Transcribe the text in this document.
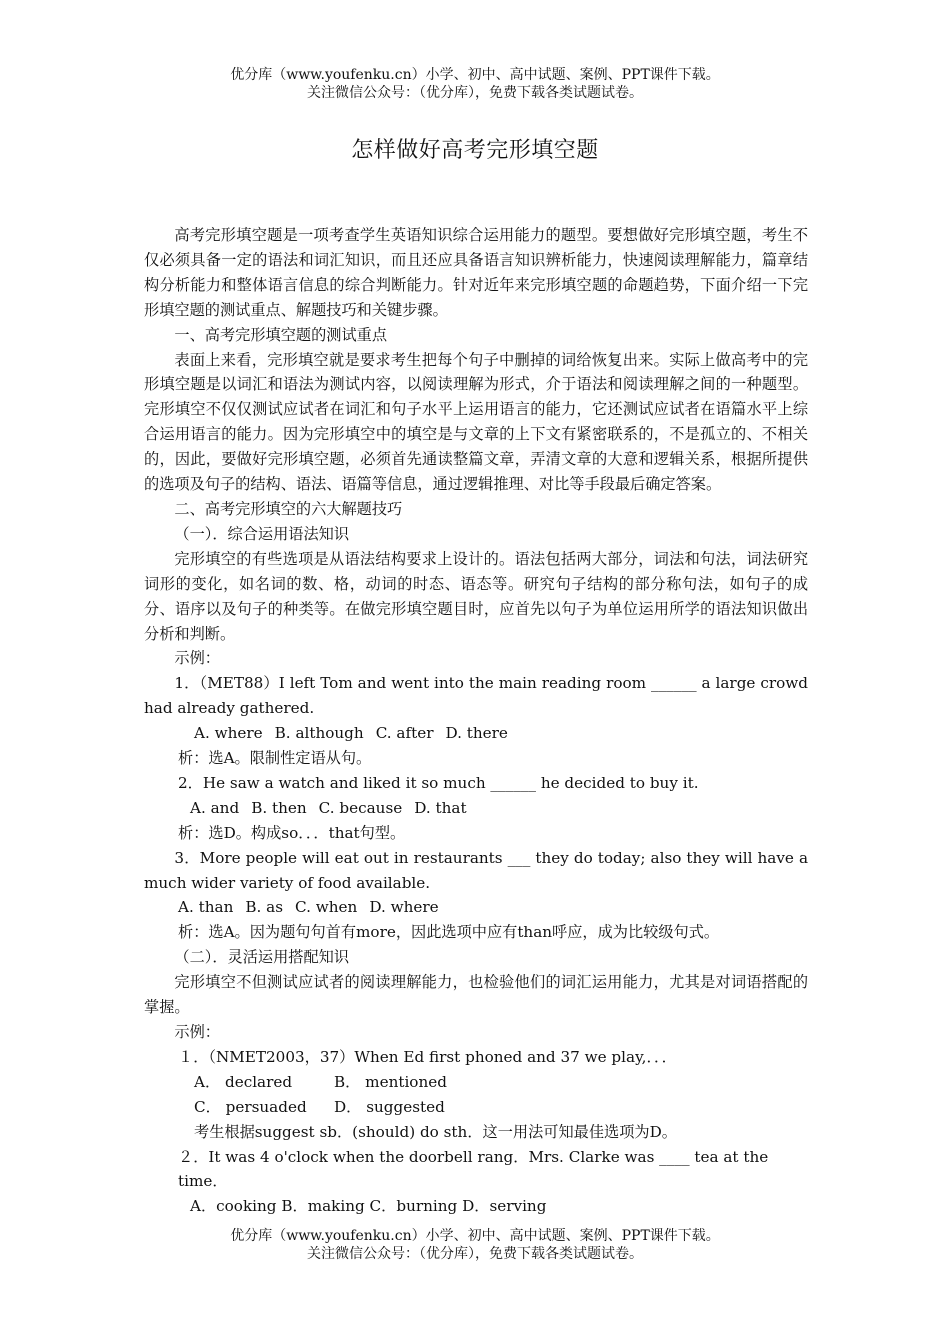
优分库（www.youfenku.cn）小学、初中、高中试题、案例、PPT课件下载。
关注微信公众号：（优分库），免费下载各类试题试卷。
怎样做好高考完形填空题

高考完形填空题是一项考查学生英语知识综合运用能力的题型。要想做好完形填空题，考生不仅必须具备一定的语法和词汇知识，而且还应具备语言知识辨析能力，快速阅读理解能力，篇章结构分析能力和整体语言信息的综合判断能力。针对近年来完形填空题的命题趋势，下面介绍一下完形填空题的测试重点、解题技巧和关键步骤。

一、高考完形填空题的测试重点

表面上来看，完形填空就是要求考生把每个句子中删掉的词给恢复出来。实际上做高考中的完形填空题是以词汇和语法为测试内容，以阅读理解为形式，介于语法和阅读理解之间的一种题型。完形填空不仅仅测试应试者在词汇和句子水平上运用语言的能力，它还测试应试者在语篇水平上综合运用语言的能力。因为完形填空中的填空是与文章的上下文有紧密联系的，不是孤立的、不相关的，因此，要做好完形填空题，必须首先通读整篇文章，弄清文章的大意和逻辑关系，根据所提供的选项及句子的结构、语法、语篇等信息，通过逻辑推理、对比等手段最后确定答案。

二、高考完形填空的六大解题技巧

（一）．综合运用语法知识

完形填空的有些选项是从语法结构要求上设计的。语法包括两大部分，词法和句法，词法研究词形的变化，如名词的数、格，动词的时态、语态等。研究句子结构的部分称句法，如句子的成分、语序以及句子的种类等。在做完形填空题目时，应首先以句子为单位运用所学的语法知识做出分析和判断。

示例：

1．（MET88）I left Tom and went into the main reading room ______ a large crowd had already gathered.

A. where B. although C. after D. there

析：选A。限制性定语从句。

2．He saw a watch and liked it so much ______ he decided to buy it.

A. and B. then C. because D. that

析：选D。构成so．．．that句型。

3．More people will eat out in restaurants ___ they do today; also they will have a much wider variety of food available.

A. than B. as C. when D. where

析：选A。因为题句句首有more，因此选项中应有than呼应，成为比较级句式。

（二）．灵活运用搭配知识

完形填空不但测试应试者的阅读理解能力，也检验他们的词汇运用能力，尤其是对词语搭配的掌握。

示例：

１．（NMET2003，37）When Ed first phoned and 37 we play,．．．

A． declared	B． mentioned

C． persuaded D． suggested

考生根据suggest sb．(should) do sth．这一用法可知最佳选项为D。

２．It was 4 o'clock when the doorbell rang．Mrs. Clarke was ____ tea at the time．

A．cooking B．making C．burning D．serving

优分库（www.youfenku.cn）小学、初中、高中试题、案例、PPT课件下载。
关注微信公众号：（优分库），免费下载各类试题试卷。
